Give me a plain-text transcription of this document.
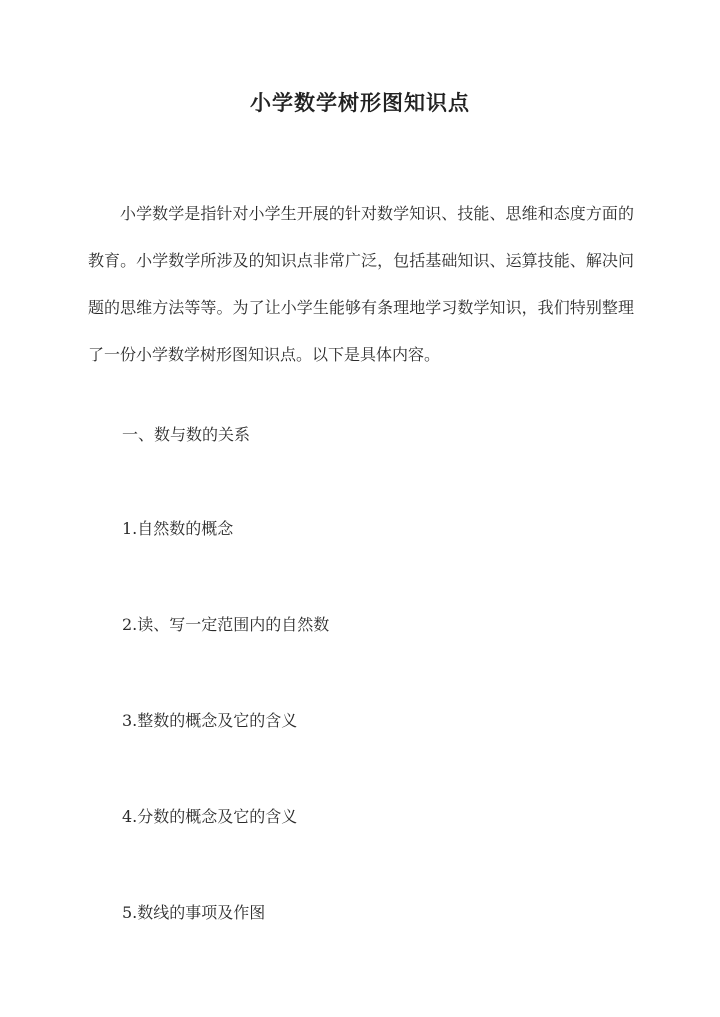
小学数学树形图知识点

小学数学是指针对小学生开展的针对数学知识、技能、思维和态度方面的教育。小学数学所涉及的知识点非常广泛，包括基础知识、运算技能、解决问题的思维方法等等。为了让小学生能够有条理地学习数学知识，我们特别整理了一份小学数学树形图知识点。以下是具体内容。

一、数与数的关系
1.自然数的概念
2.读、写一定范围内的自然数
3.整数的概念及它的含义
4.分数的概念及它的含义
5.数线的事项及作图
